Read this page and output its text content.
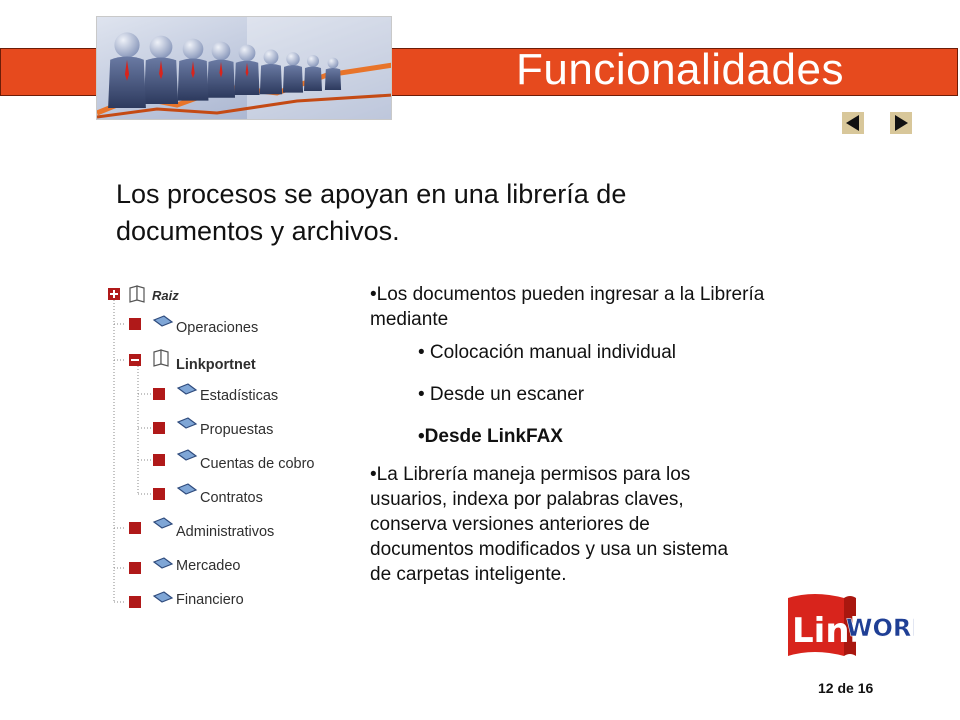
Funcionalidades
Los procesos se apoyan en una librería de documentos y archivos.
Raiz
Operaciones
Linkportnet
Estadísticas
Propuestas
Cuentas de cobro
Contratos
Administrativos
Mercadeo
Financiero
•Los documentos pueden ingresar a la Librería mediante
• Colocación manual individual
• Desde un escaner
•Desde LinkFAX
•La Librería maneja permisos para los usuarios, indexa por palabras claves, conserva versiones anteriores de documentos modificados y usa un sistema de carpetas inteligente.
Link
WOR
12 de 16
